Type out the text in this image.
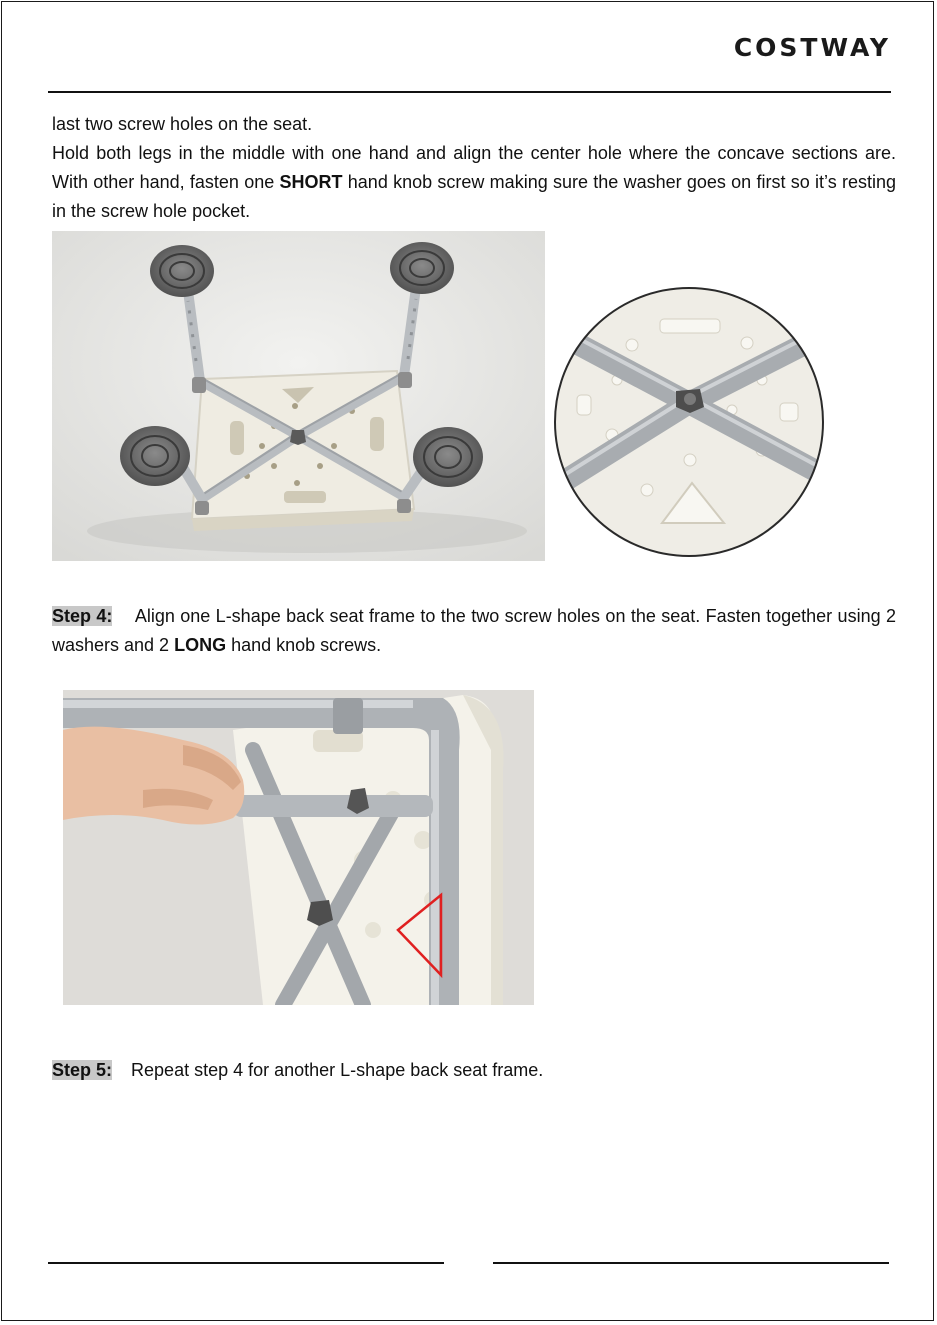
COSTWAY

last two screw holes on the seat.

Hold both legs in the middle with one hand and align the center hole where the concave sections are. With other hand, fasten one SHORT hand knob screw making sure the washer goes on first so it’s resting in the screw hole pocket.

Step 4: Align one L-shape back seat frame to the two screw holes on the seat. Fasten together using 2 washers and 2 LONG hand knob screws.

Step 5: Repeat step 4 for another L-shape back seat frame.
